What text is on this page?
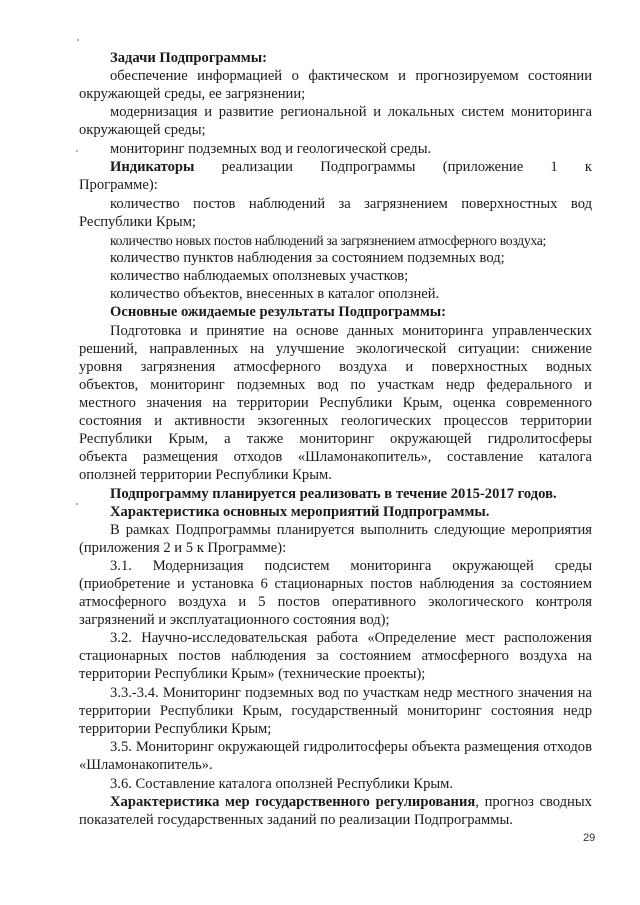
Задачи Подпрограммы:
обеспечение информацией о фактическом и прогнозируемом состоянии
окружающей среды, ее загрязнении;
модернизация и развитие региональной и локальных систем мониторинга
окружающей среды;
мониторинг подземных вод и геологической среды.
Индикаторы реализации Подпрограммы (приложение 1 к
Программе):
количество постов наблюдений за загрязнением поверхностных вод
Республики Крым;
количество новых постов наблюдений за загрязнением атмосферного воздуха;
количество пунктов наблюдения за состоянием подземных вод;
количество наблюдаемых оползневых участков;
количество объектов, внесенных в каталог оползней.
Основные ожидаемые результаты Подпрограммы:
Подготовка и принятие на основе данных мониторинга управленческих
решений, направленных на улучшение экологической ситуации: снижение
уровня загрязнения атмосферного воздуха и поверхностных водных
объектов, мониторинг подземных вод по участкам недр федерального и
местного значения на территории Республики Крым, оценка современного
состояния и активности экзогенных геологических процессов территории
Республики Крым, а также мониторинг окружающей гидролитосферы
объекта размещения отходов «Шламонакопитель», составление каталога
оползней территории Республики Крым.
Подпрограмму планируется реализовать в течение 2015-2017 годов.
Характеристика основных мероприятий Подпрограммы.
В рамках Подпрограммы планируется выполнить следующие мероприятия
(приложения 2 и 5 к Программе):
3.1. Модернизация подсистем мониторинга окружающей среды
(приобретение и установка 6 стационарных постов наблюдения за состоянием
атмосферного воздуха и 5 постов оперативного экологического контроля
загрязнений и эксплуатационного состояния вод);
3.2. Научно-исследовательская работа «Определение мест расположения
стационарных постов наблюдения за состоянием атмосферного воздуха на
территории Республики Крым» (технические проекты);
3.3.-3.4. Мониторинг подземных вод по участкам недр местного значения на
территории Республики Крым, государственный мониторинг состояния недр
территории Республики Крым;
3.5. Мониторинг окружающей гидролитосферы объекта размещения отходов
«Шламонакопитель».
3.6. Составление каталога оползней Республики Крым.
Характеристика мер государственного регулирования, прогноз сводных
показателей государственных заданий по реализации Подпрограммы.
29
